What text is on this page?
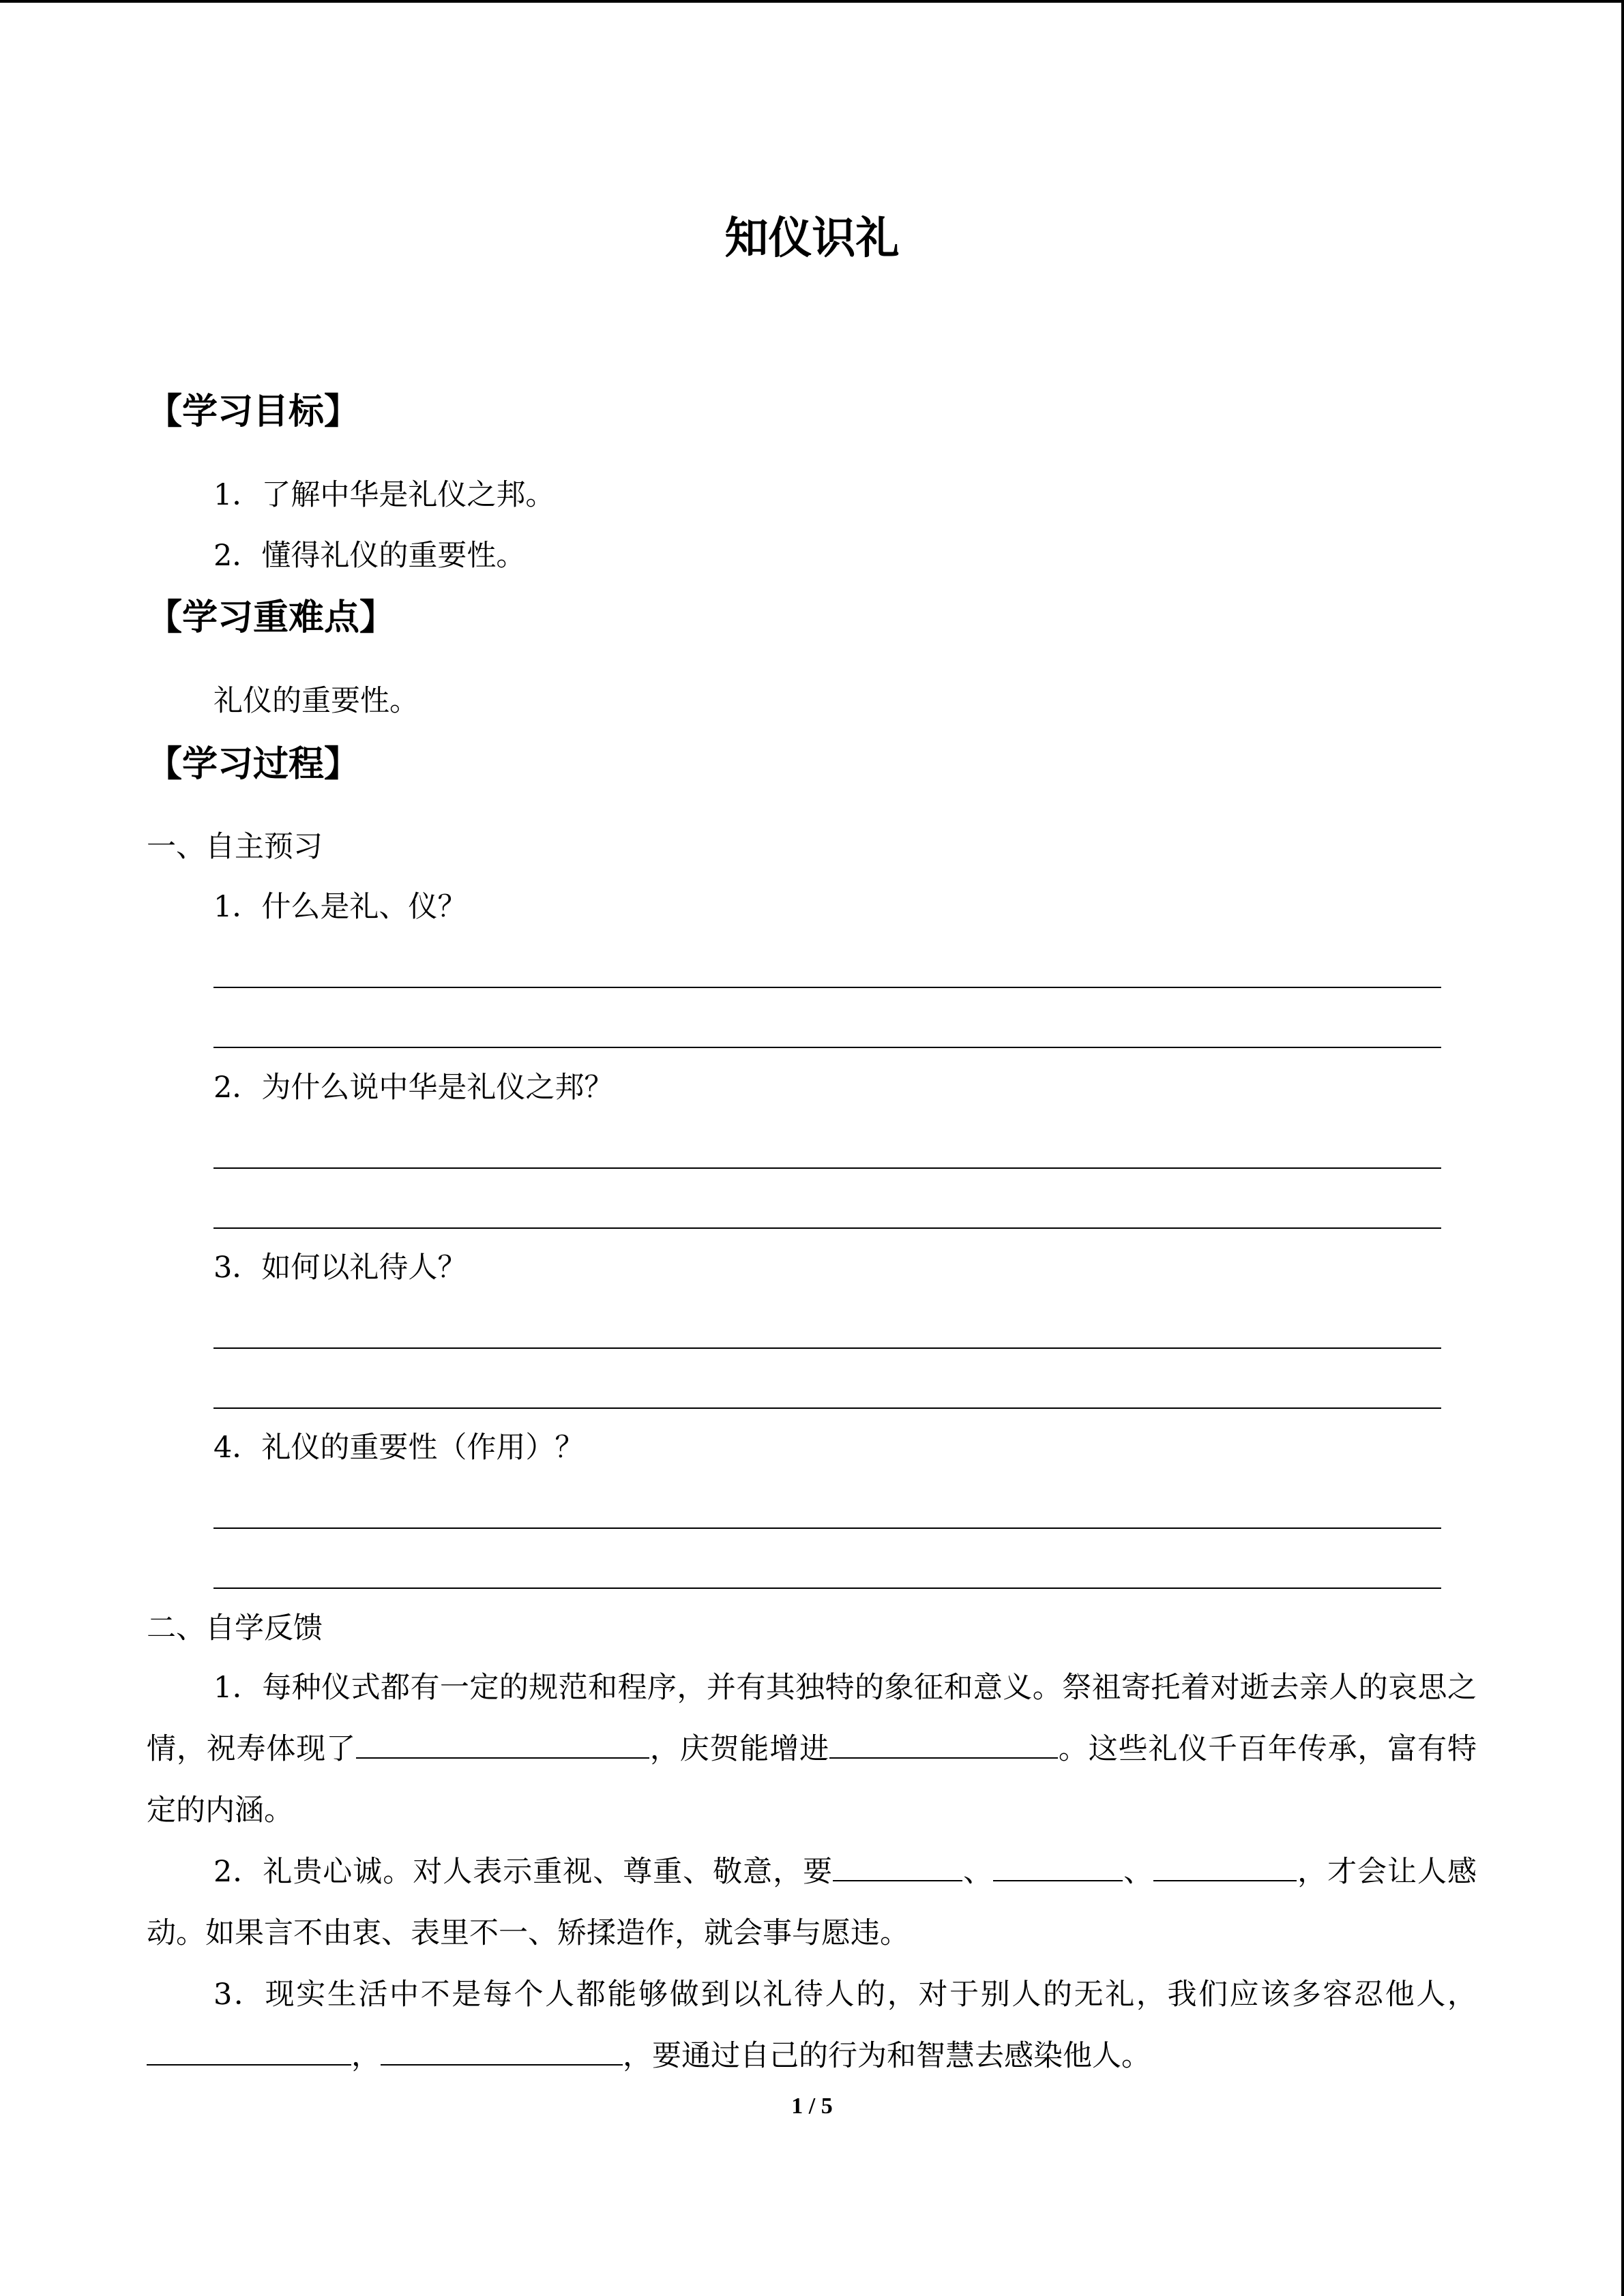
知仪识礼
【学习目标】
1．了解中华是礼仪之邦。
2．懂得礼仪的重要性。
【学习重难点】
礼仪的重要性。
【学习过程】
一、自主预习
1．什么是礼、仪？
2．为什么说中华是礼仪之邦？
3．如何以礼待人？
4．礼仪的重要性（作用）？
二、自学反馈
1．每种仪式都有一定的规范和程序，并有其独特的象征和意义。祭祖寄托着对逝去亲人的哀思之情，祝寿体现了	，庆贺能增进	。这些礼仪千百年传承，富有特定的内涵。
2．礼贵心诚。对人表示重视、尊重、敬意，要	、	、	，才会让人感动。如果言不由衷、表里不一、矫揉造作，就会事与愿违。
3．现实生活中不是每个人都能够做到以礼待人的，对于别人的无礼，我们应该多容忍他人，，	，要通过自己的行为和智慧去感染他人。
1 / 5
